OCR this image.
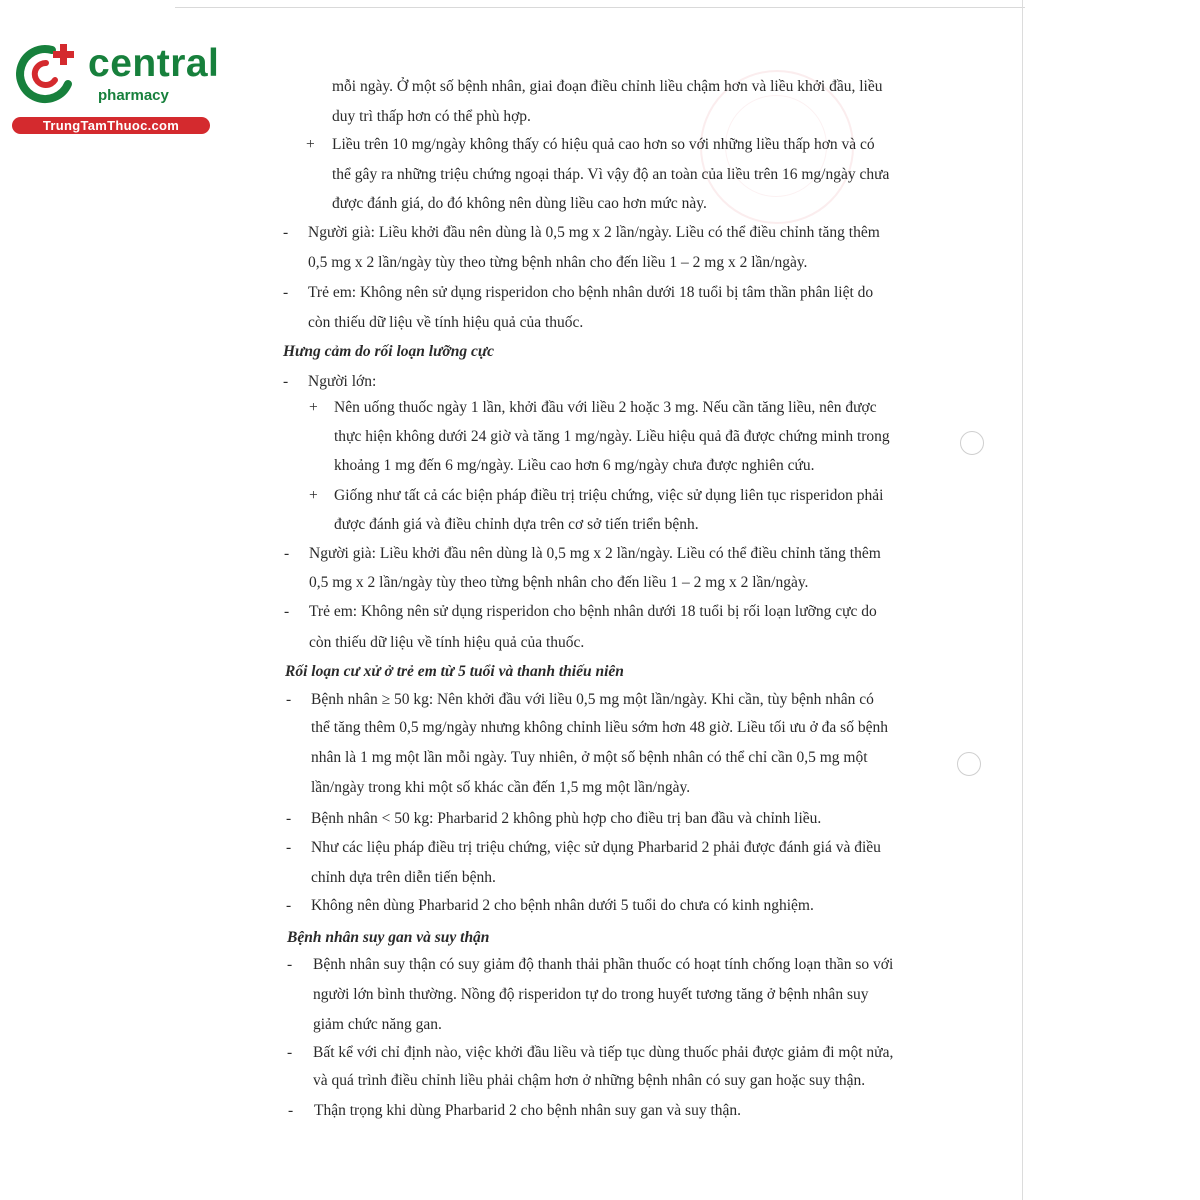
central
pharmacy
TrungTamThuoc.com
mỗi ngày. Ở một số bệnh nhân, giai đoạn điều chỉnh liều chậm hơn và liều khởi đầu, liều
duy trì thấp hơn có thể phù hợp.
+ Liều trên 10 mg/ngày không thấy có hiệu quả cao hơn so với những liều thấp hơn và có
thể gây ra những triệu chứng ngoại tháp. Vì vậy độ an toàn của liều trên 16 mg/ngày chưa
được đánh giá, do đó không nên dùng liều cao hơn mức này.
- Người già: Liều khởi đầu nên dùng là 0,5 mg x 2 lần/ngày. Liều có thể điều chỉnh tăng thêm
0,5 mg x 2 lần/ngày tùy theo từng bệnh nhân cho đến liều 1 – 2 mg x 2 lần/ngày.
- Trẻ em: Không nên sử dụng risperidon cho bệnh nhân dưới 18 tuổi bị tâm thần phân liệt do
còn thiếu dữ liệu về tính hiệu quả của thuốc.
Hưng cảm do rối loạn lưỡng cực
- Người lớn:
+ Nên uống thuốc ngày 1 lần, khởi đầu với liều 2 hoặc 3 mg. Nếu cần tăng liều, nên được
thực hiện không dưới 24 giờ và tăng 1 mg/ngày. Liều hiệu quả đã được chứng minh trong
khoảng 1 mg đến 6 mg/ngày. Liều cao hơn 6 mg/ngày chưa được nghiên cứu.
+ Giống như tất cả các biện pháp điều trị triệu chứng, việc sử dụng liên tục risperidon phải
được đánh giá và điều chỉnh dựa trên cơ sở tiến triển bệnh.
- Người già: Liều khởi đầu nên dùng là 0,5 mg x 2 lần/ngày. Liều có thể điều chỉnh tăng thêm
0,5 mg x 2 lần/ngày tùy theo từng bệnh nhân cho đến liều 1 – 2 mg x 2 lần/ngày.
- Trẻ em: Không nên sử dụng risperidon cho bệnh nhân dưới 18 tuổi bị rối loạn lưỡng cực do
còn thiếu dữ liệu về tính hiệu quả của thuốc.
Rối loạn cư xử ở trẻ em từ 5 tuổi và thanh thiếu niên
- Bệnh nhân ≥ 50 kg: Nên khởi đầu với liều 0,5 mg một lần/ngày. Khi cần, tùy bệnh nhân có
thể tăng thêm 0,5 mg/ngày nhưng không chỉnh liều sớm hơn 48 giờ. Liều tối ưu ở đa số bệnh
nhân là 1 mg một lần mỗi ngày. Tuy nhiên, ở một số bệnh nhân có thể chỉ cần 0,5 mg một
lần/ngày trong khi một số khác cần đến 1,5 mg một lần/ngày.
- Bệnh nhân < 50 kg: Pharbarid 2 không phù hợp cho điều trị ban đầu và chỉnh liều.
- Như các liệu pháp điều trị triệu chứng, việc sử dụng Pharbarid 2 phải được đánh giá và điều
chỉnh dựa trên diễn tiến bệnh.
- Không nên dùng Pharbarid 2 cho bệnh nhân dưới 5 tuổi do chưa có kinh nghiệm.
Bệnh nhân suy gan và suy thận
- Bệnh nhân suy thận có suy giảm độ thanh thải phần thuốc có hoạt tính chống loạn thần so với
người lớn bình thường. Nồng độ risperidon tự do trong huyết tương tăng ở bệnh nhân suy
giảm chức năng gan.
- Bất kể với chỉ định nào, việc khởi đầu liều và tiếp tục dùng thuốc phải được giảm đi một nửa,
và quá trình điều chỉnh liều phải chậm hơn ở những bệnh nhân có suy gan hoặc suy thận.
- Thận trọng khi dùng Pharbarid 2 cho bệnh nhân suy gan và suy thận.
